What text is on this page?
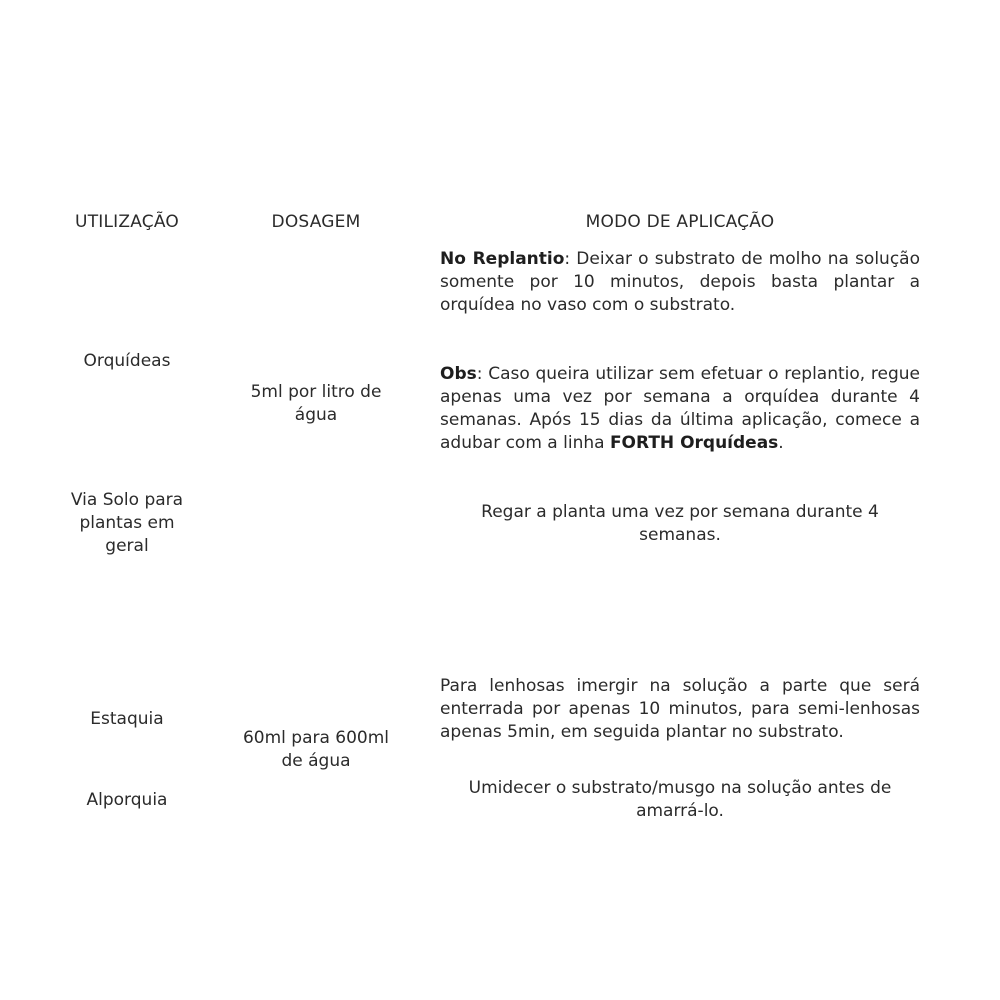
UTILIZAÇÃO	DOSAGEM	MODO DE APLICAÇÃO
Orquídeas
5ml por litro de água
No Replantio: Deixar o substrato de molho na solução somente por 10 minutos, depois basta plantar a orquídea no vaso com o substrato.
Obs: Caso queira utilizar sem efetuar o replantio, regue apenas uma vez por semana a orquídea durante 4 semanas. Após 15 dias da última aplicação, comece a adubar com a linha FORTH Orquídeas.
Via Solo para plantas em geral
Regar a planta uma vez por semana durante 4 semanas.
Estaquia
60ml para 600ml de água
Para lenhosas imergir na solução a parte que será enterrada por apenas 10 minutos, para semi-lenhosas apenas 5min, em seguida plantar no substrato.
Alporquia
Umidecer o substrato/musgo na solução antes de amarrá-lo.
